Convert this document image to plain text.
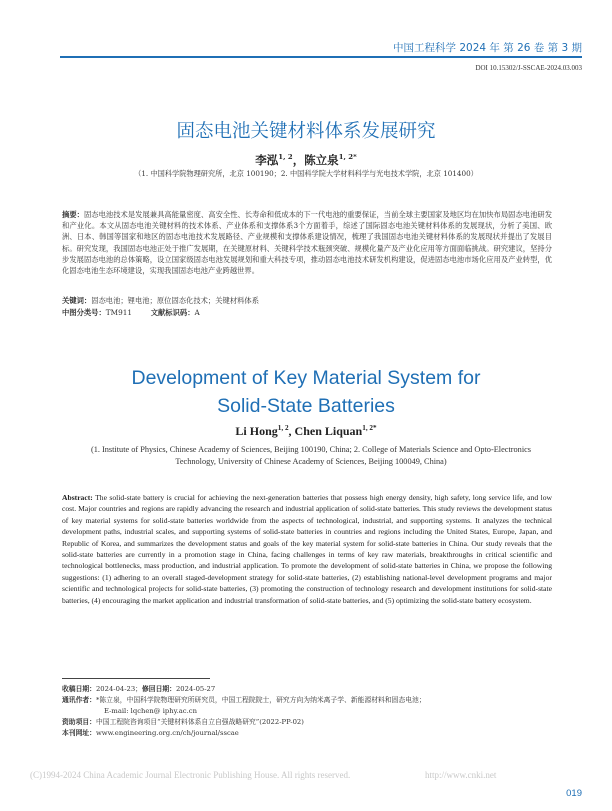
中国工程科学 2024 年 第 26 卷 第 3 期
DOI 10.15302/J-SSCAE-2024.03.003
固态电池关键材料体系发展研究
李泓$^{1, 2}$，陈立泉$^{1, 2*}$
（1. 中国科学院物理研究所，北京 100190；2. 中国科学院大学材料科学与光电技术学院，北京 101400）
摘要：固态电池技术是发展兼具高能量密度、高安全性、长寿命和低成本的下一代电池的重要保证，当前全球主要国家及地区均在加快布局固态电池研发和产业化。本文从固态电池关键材料的技术体系、产业体系和支撑体系3个方面着手，综述了国际固态电池关键材料体系的发展现状，分析了美国、欧洲、日本、韩国等国家和地区的固态电池技术发展路径、产业规模和支撑体系建设情况，梳理了我国固态电池关键材料体系的发展现状并提出了发展目标。研究发现，我国固态电池正处于推广发展期，在关键原材料、关键科学技术瓶颈突破、规模化量产及产业化应用等方面面临挑战。研究建议，坚持分步发展固态电池的总体策略，设立国家级固态电池发展规划和重大科技专项，推动固态电池技术研发机构建设，促进固态电池市场化应用及产业转型，优化固态电池生态环境建设，实现我国固态电池产业跨越世界。
关键词：固态电池；锂电池；原位固态化技术；关键材料体系
中图分类号：TM911	文献标识码：A
Development of Key Material System for
Solid-State Batteries
Li Hong$^{1, 2}$, Chen Liquan$^{1, 2*}$
(1. Institute of Physics, Chinese Academy of Sciences, Beijing 100190, China; 2. College of Materials Science and Opto-Electronics Technology, University of Chinese Academy of Sciences, Beijing 100049, China)
Abstract: The solid-state battery is crucial for achieving the next-generation batteries that possess high energy density, high safety, long service life, and low cost. Major countries and regions are rapidly advancing the research and industrial application of solid-state batteries. This study reviews the development status of key material systems for solid-state batteries worldwide from the aspects of technological, industrial, and supporting systems. It analyzes the technical development paths, industrial scales, and supporting systems of solid-state batteries in countries and regions including the United States, Europe, Japan, and Republic of Korea, and summarizes the development status and goals of the key material system for solid-state batteries in China. Our study reveals that the solid-state batteries are currently in a promotion stage in China, facing challenges in terms of key raw materials, breakthroughs in critical scientific and technological bottlenecks, mass production, and industrial application. To promote the development of solid-state batteries in China, we propose the following suggestions: (1) adhering to an overall staged-development strategy for solid-state batteries, (2) establishing national-level development programs and major scientific and technological projects for solid-state batteries, (3) promoting the construction of technology research and development institutions for solid-state batteries, (4) encouraging the market application and industrial transformation of solid-state batteries, and (5) optimizing the solid-state battery ecosystem.
收稿日期：2024-04-23；修回日期：2024-05-27
通讯作者：*陈立泉，中国科学院物理研究所研究员，中国工程院院士，研究方向为纳米离子学、新能源材料和固态电池；
E-mail: lqchen@ iphy.ac.cn
资助项目：中国工程院咨询项目“关键材料体系自立自强战略研究”(2022-PP-02)
本刊网址：www.engineering.org.cn/ch/journal/sscae
(C)1994-2024 China Academic Journal Electronic Publishing House. All rights reserved.	http://www.cnki.net
019
